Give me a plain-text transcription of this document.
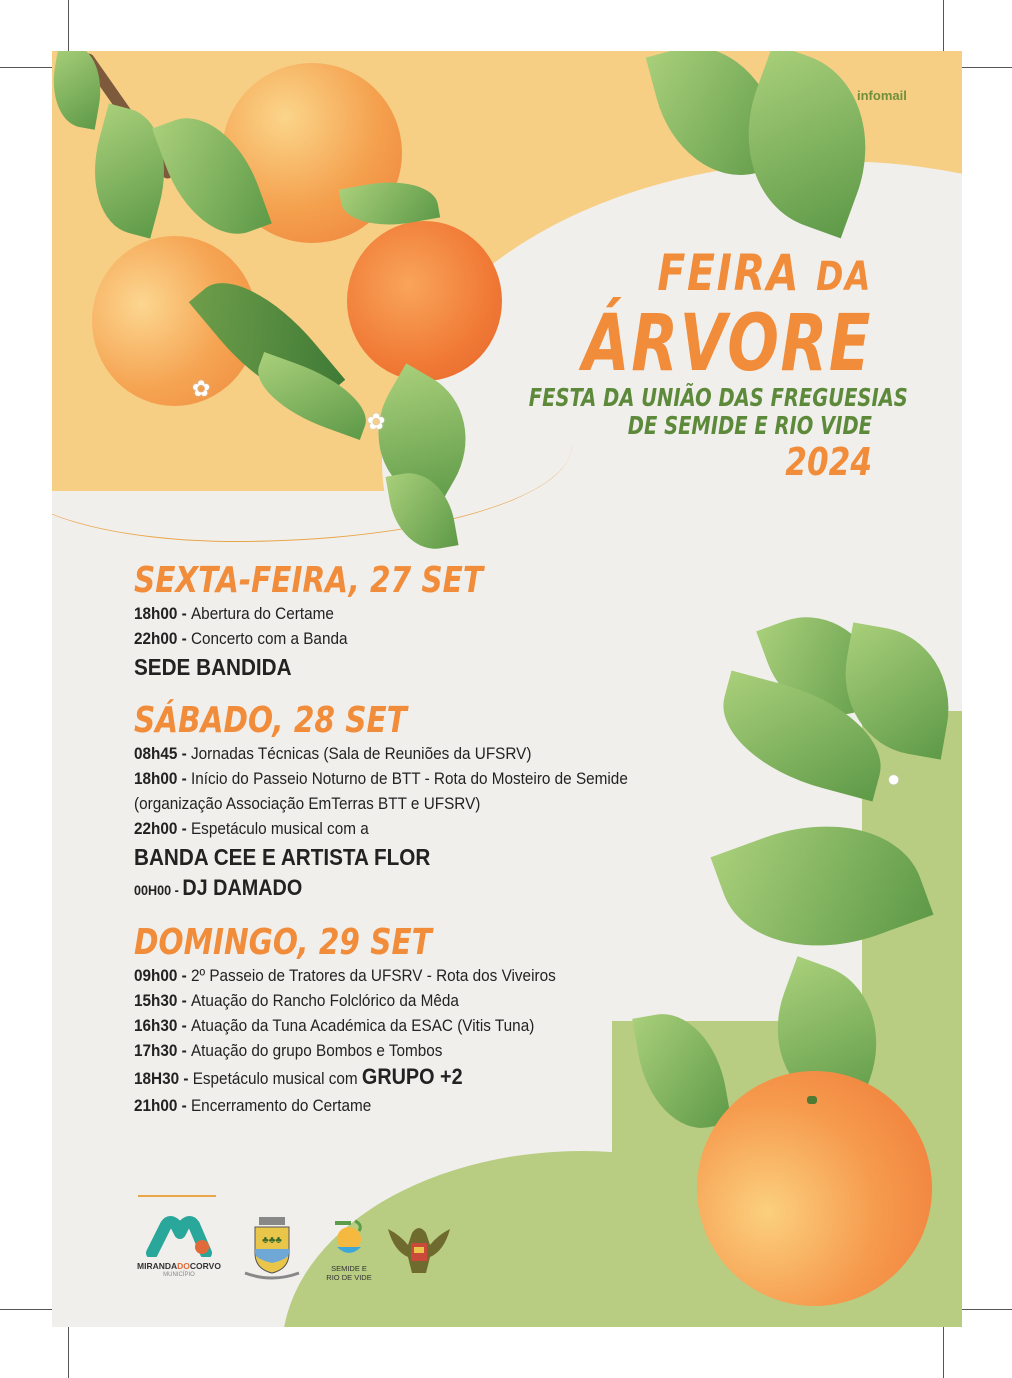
✿
✿
●
infomail
FEIRA DA
ÁRVORE
FESTA DA UNIÃO DAS FREGUESIAS
DE SEMIDE E RIO VIDE
2024
SEXTA-FEIRA, 27 SET
18h00 - Abertura do Certame
22h00 - Concerto com a Banda
SEDE BANDIDA
SÁBADO, 28 SET
08h45 - Jornadas Técnicas (Sala de Reuniões da UFSRV)
18h00 - Início do Passeio Noturno de BTT - Rota do Mosteiro de Semide
(organização Associação EmTerras BTT e UFSRV)
22h00 - Espetáculo musical com a
BANDA CEE E ARTISTA FLOR
00H00 - DJ DAMADO
DOMINGO, 29 SET
09h00 - 2º Passeio de Tratores da UFSRV - Rota dos Viveiros
15h30 - Atuação do Rancho Folclórico da Mêda
16h30 - Atuação da Tuna Académica da ESAC (Vitis Tuna)
17h30 - Atuação do grupo Bombos e Tombos
18H30 - Espetáculo musical com GRUPO +2
21h00 - Encerramento do Certame
MIRANDADOCORVO
MUNICÍPIO
♣♣♣
SEMIDE E
RIO DE VIDE
